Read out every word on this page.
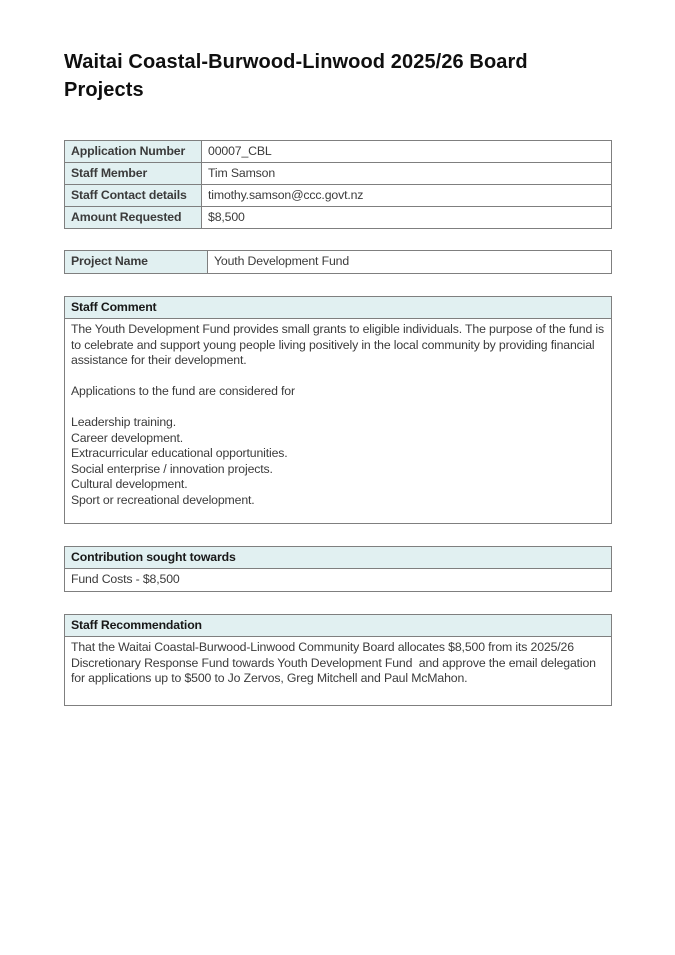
Waitai Coastal-Burwood-Linwood 2025/26 Board Projects
Application Number	00007_CBL
Staff Member	Tim Samson
Staff Contact details	timothy.samson@ccc.govt.nz
Amount Requested	$8,500
Project Name	Youth Development Fund
Staff Comment
The Youth Development Fund provides small grants to eligible individuals. The purpose of the fund is to celebrate and support young people living positively in the local community by providing financial assistance for their development.

Applications to the fund are considered for

Leadership training.
Career development.
Extracurricular educational opportunities.
Social enterprise / innovation projects.
Cultural development.
Sport or recreational development.
Contribution sought towards
Fund Costs - $8,500
Staff Recommendation
That the Waitai Coastal-Burwood-Linwood Community Board allocates $8,500 from its 2025/26 Discretionary Response Fund towards Youth Development Fund  and approve the email delegation for applications up to $500 to Jo Zervos, Greg Mitchell and Paul McMahon.
